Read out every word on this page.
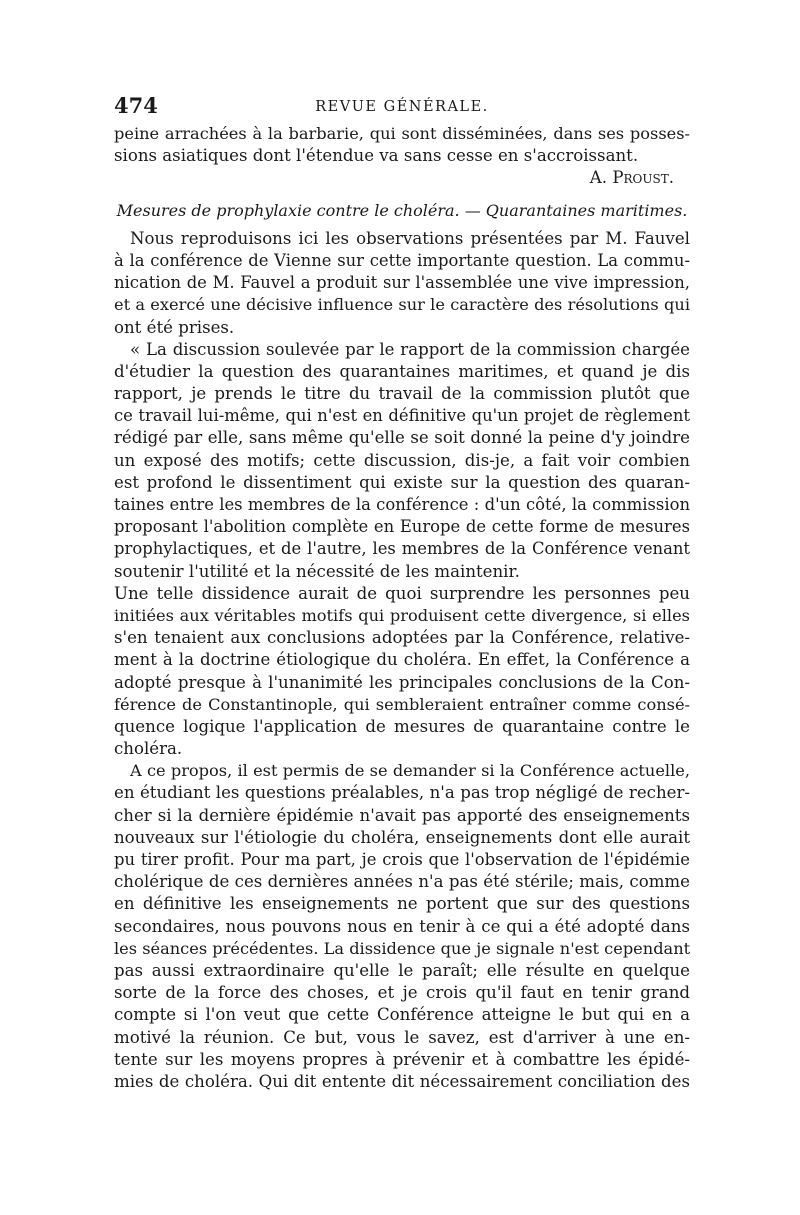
474	REVUE GÉNÉRALE.
peine arrachées à la barbarie, qui sont disséminées, dans ses posses-
sions asiatiques dont l'étendue va sans cesse en s'accroissant.
A. Proust.
Mesures de prophylaxie contre le choléra. — Quarantaines maritimes.
Nous reproduisons ici les observations présentées par M. Fauvel
à la conférence de Vienne sur cette importante question. La commu-
nication de M. Fauvel a produit sur l'assemblée une vive impression,
et a exercé une décisive influence sur le caractère des résolutions qui
ont été prises.
« La discussion soulevée par le rapport de la commission chargée
d'étudier la question des quarantaines maritimes, et quand je dis
rapport, je prends le titre du travail de la commission plutôt que
ce travail lui-même, qui n'est en définitive qu'un projet de règlement
rédigé par elle, sans même qu'elle se soit donné la peine d'y joindre
un exposé des motifs; cette discussion, dis-je, a fait voir combien
est profond le dissentiment qui existe sur la question des quaran-
taines entre les membres de la conférence : d'un côté, la commission
proposant l'abolition complète en Europe de cette forme de mesures
prophylactiques, et de l'autre, les membres de la Conférence venant
soutenir l'utilité et la nécessité de les maintenir.
Une telle dissidence aurait de quoi surprendre les personnes peu
initiées aux véritables motifs qui produisent cette divergence, si elles
s'en tenaient aux conclusions adoptées par la Conférence, relative-
ment à la doctrine étiologique du choléra. En effet, la Conférence a
adopté presque à l'unanimité les principales conclusions de la Con-
férence de Constantinople, qui sembleraient entraîner comme consé-
quence logique l'application de mesures de quarantaine contre le
choléra.
A ce propos, il est permis de se demander si la Conférence actuelle,
en étudiant les questions préalables, n'a pas trop négligé de recher-
cher si la dernière épidémie n'avait pas apporté des enseignements
nouveaux sur l'étiologie du choléra, enseignements dont elle aurait
pu tirer profit. Pour ma part, je crois que l'observation de l'épidémie
cholérique de ces dernières années n'a pas été stérile; mais, comme
en définitive les enseignements ne portent que sur des questions
secondaires, nous pouvons nous en tenir à ce qui a été adopté dans
les séances précédentes. La dissidence que je signale n'est cependant
pas aussi extraordinaire qu'elle le paraît; elle résulte en quelque
sorte de la force des choses, et je crois qu'il faut en tenir grand
compte si l'on veut que cette Conférence atteigne le but qui en a
motivé la réunion. Ce but, vous le savez, est d'arriver à une en-
tente sur les moyens propres à prévenir et à combattre les épidé-
mies de choléra. Qui dit entente dit nécessairement conciliation des
